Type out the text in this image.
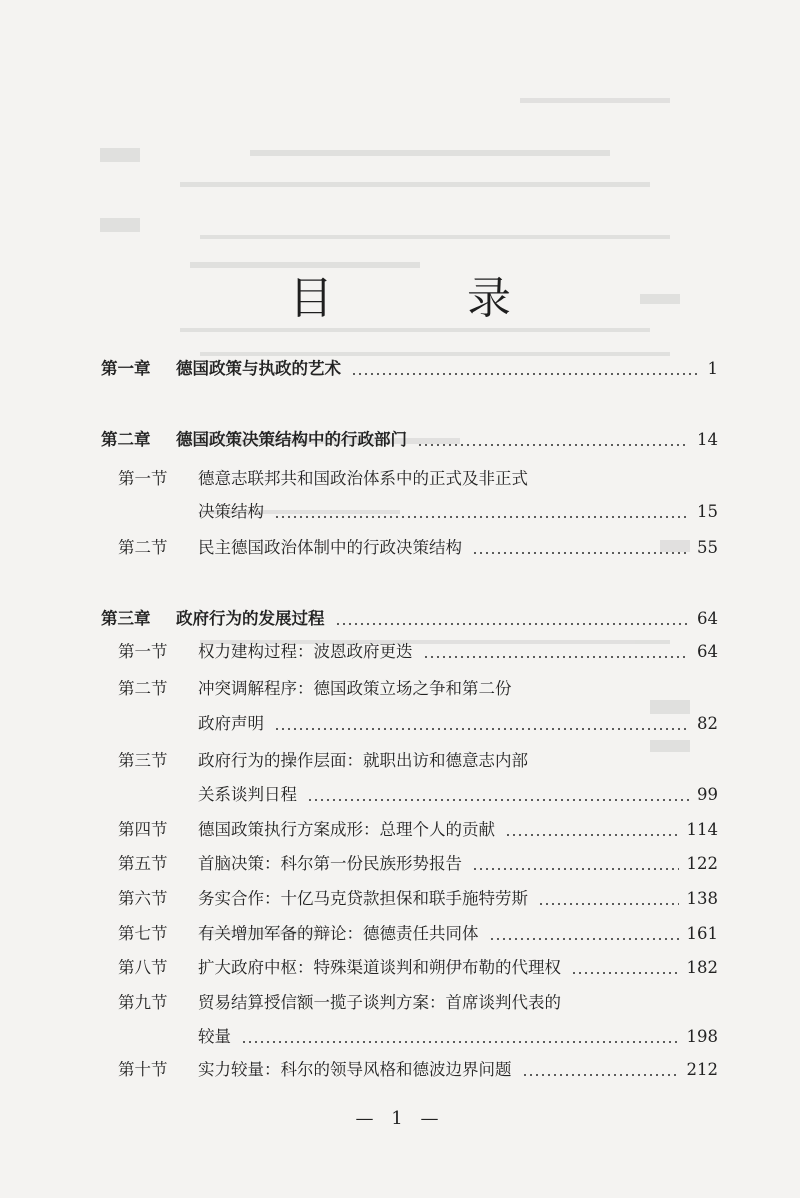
目 录
第一章 德国政策与执政的艺术	1
第二章 德国政策决策结构中的行政部门	14
第一节 德意志联邦共和国政治体系中的正式及非正式
决策结构	15
第二节 民主德国政治体制中的行政决策结构	55
第三章 政府行为的发展过程	64
第一节 权力建构过程：波恩政府更迭	64
第二节 冲突调解程序：德国政策立场之争和第二份
政府声明	82
第三节 政府行为的操作层面：就职出访和德意志内部
关系谈判日程	99
第四节 德国政策执行方案成形：总理个人的贡献	114
第五节 首脑决策：科尔第一份民族形势报告	122
第六节 务实合作：十亿马克贷款担保和联手施特劳斯	138
第七节 有关增加军备的辩论：德德责任共同体	161
第八节 扩大政府中枢：特殊渠道谈判和朔伊布勒的代理权	182
第九节 贸易结算授信额一揽子谈判方案：首席谈判代表的
较量	198
第十节 实力较量：科尔的领导风格和德波边界问题	212
— 1 —
